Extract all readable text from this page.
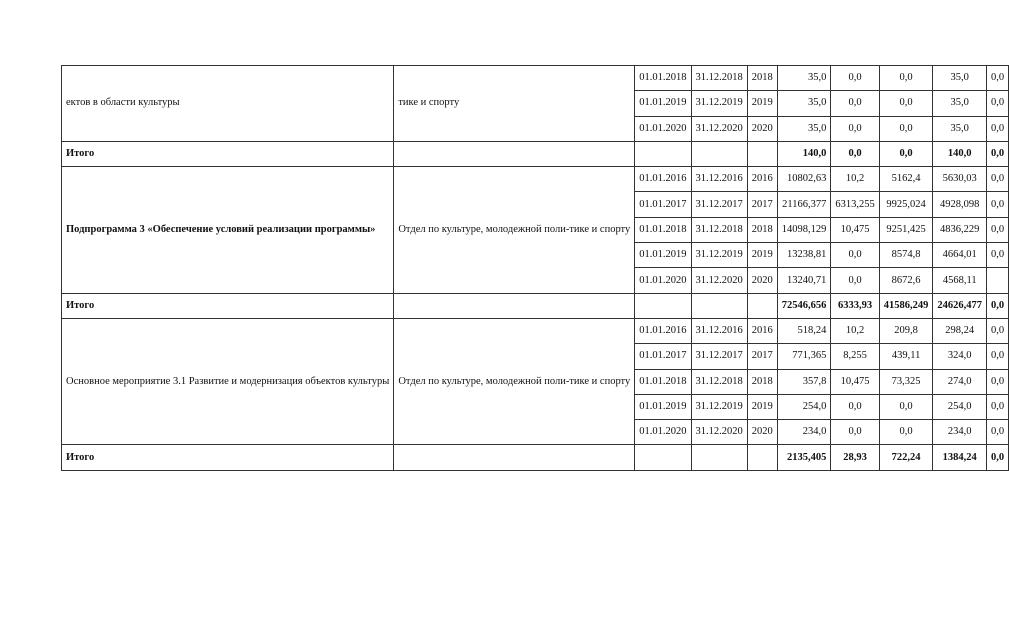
ектов в области культуры	тике и спорту	01.01.2018	31.12.2018	2018	35,0	0,0	0,0	35,0	0,0
		01.01.2019	31.12.2019	2019	35,0	0,0	0,0	35,0	0,0
		01.01.2020	31.12.2020	2020	35,0	0,0	0,0	35,0	0,0
Итого					140,0	0,0	0,0	140,0	0,0
Подпрограмма 3 «Обеспечение условий реализации программы»	Отдел по культуре, молодежной поли-тике и спорту	01.01.2016	31.12.2016	2016	10802,63	10,2	5162,4	5630,03	0,0
		01.01.2017	31.12.2017	2017	21166,377	6313,255	9925,024	4928,098	0,0
		01.01.2018	31.12.2018	2018	14098,129	10,475	9251,425	4836,229	0,0
		01.01.2019	31.12.2019	2019	13238,81	0,0	8574,8	4664,01	0,0
		01.01.2020	31.12.2020	2020	13240,71	0,0	8672,6	4568,11	
Итого					72546,656	6333,93	41586,249	24626,477	0,0
Основное мероприятие 3.1 Развитие и модернизация объектов культуры	Отдел по культуре, молодежной поли-тике и спорту	01.01.2016	31.12.2016	2016	518,24	10,2	209,8	298,24	0,0
		01.01.2017	31.12.2017	2017	771,365	8,255	439,11	324,0	0,0
		01.01.2018	31.12.2018	2018	357,8	10,475	73,325	274,0	0,0
		01.01.2019	31.12.2019	2019	254,0	0,0	0,0	254,0	0,0
		01.01.2020	31.12.2020	2020	234,0	0,0	0,0	234,0	0,0
Итого					2135,405	28,93	722,24	1384,24	0,0
